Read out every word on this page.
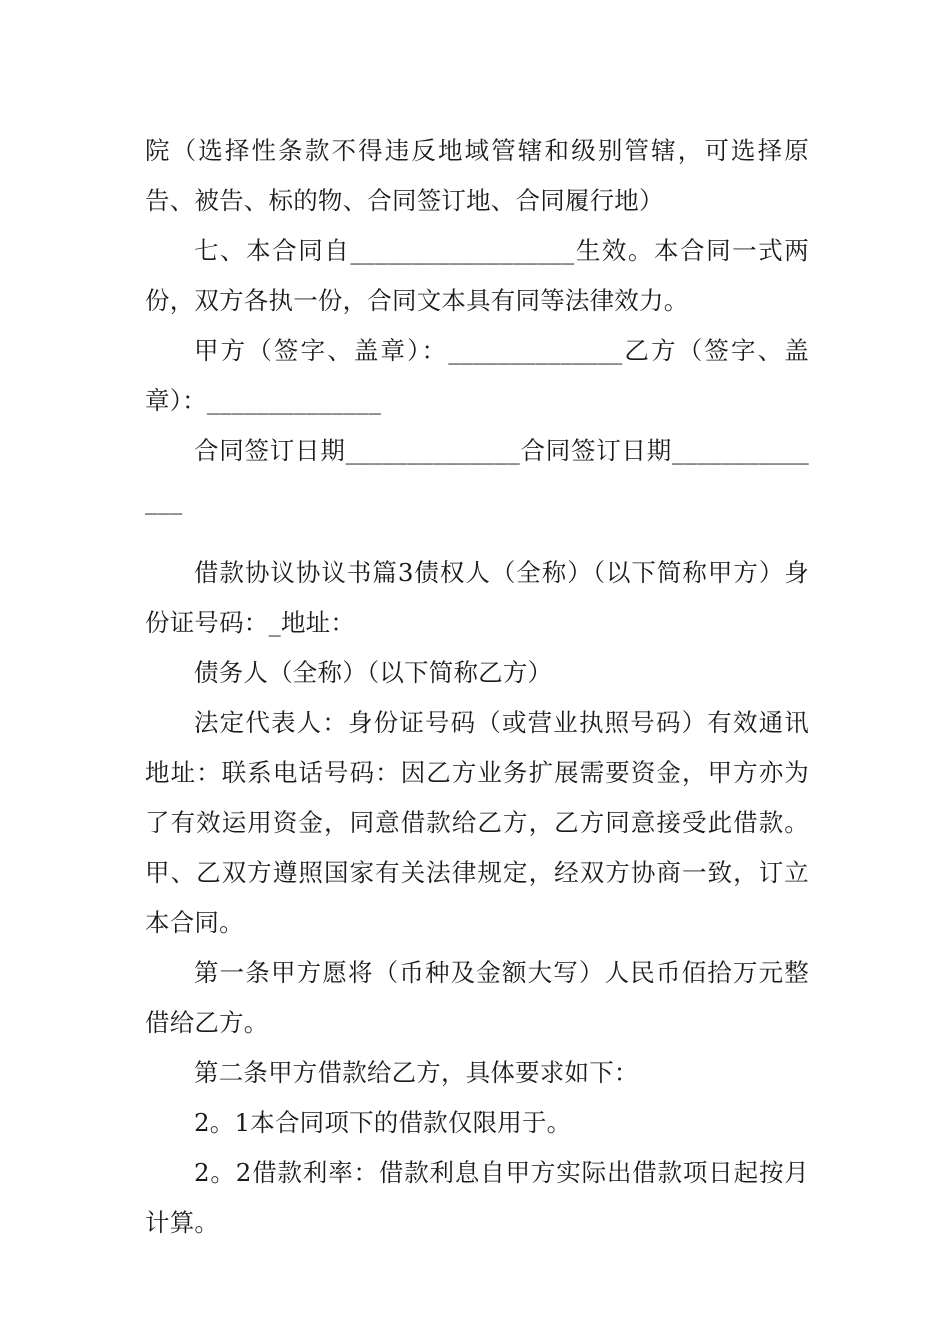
院（选择性条款不得违反地域管辖和级别管辖，可选择原告、被告、标的物、合同签订地、合同履行地）

七、本合同自__________________生效。本合同一式两份，双方各执一份，合同文本具有同等法律效力。

甲方（签字、盖章）：______________乙方（签字、盖章）：______________

合同签订日期______________合同签订日期______________

借款协议协议书篇3债权人（全称）（以下简称甲方）身份证号码：_地址：

债务人（全称）（以下简称乙方）

法定代表人：身份证号码（或营业执照号码）有效通讯地址：联系电话号码：因乙方业务扩展需要资金，甲方亦为了有效运用资金，同意借款给乙方，乙方同意接受此借款。甲、乙双方遵照国家有关法律规定，经双方协商一致，订立本合同。

第一条甲方愿将（币种及金额大写）人民币佰拾万元整借给乙方。

第二条甲方借款给乙方，具体要求如下：

2。1本合同项下的借款仅限用于。

2。2借款利率：借款利息自甲方实际出借款项日起按月计算。
